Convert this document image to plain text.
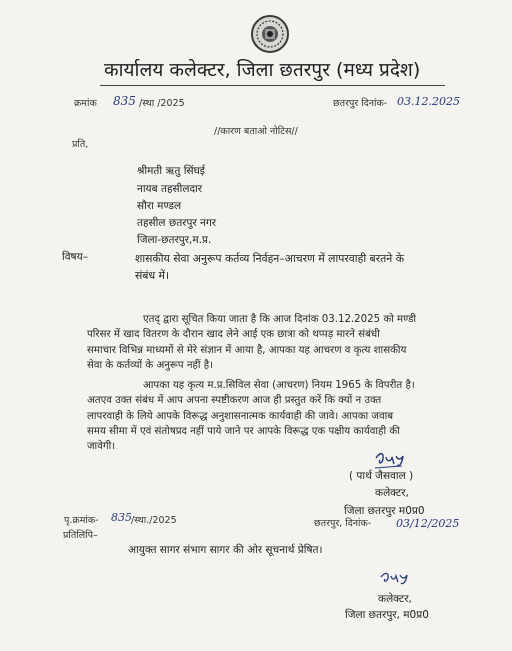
कार्यालय कलेक्टर, जिला छतरपुर (मध्य प्रदेश)
क्रमांक 835 /स्था /2025	छतरपुर दिनांक- 03.12.2025
//कारण बताओ नोटिस//
प्रति,
श्रीमती ऋतु सिंघई
नायब तहसीलदार
सौरा मण्डल
तहसील छतरपुर नगर
जिला-छतरपुर,म.प्र.
विषय–	शासकीय सेवा अनुरूप कर्तव्य निर्वहन–आचरण में लापरवाही बरतने के
संबंध में।
एतद् द्वारा सूचित किया जाता है कि आज दिनांक 03.12.2025 को मण्डी
परिसर में खाद वितरण के दौरान खाद लेने आई एक छात्रा को थप्पड़ मारने संबंधी
समाचार विभिन्न माध्यमों से मेरे संज्ञान में आया है, आपका यह आचरण व कृत्य शासकीय
सेवा के कर्तव्यों के अनुरूप नहीं है।
आपका यह कृत्य म.प्र.सिविल सेवा (आचरण) नियम 1965 के विपरीत है।
अतएव उक्त संबंध में आप अपना स्पष्टीकरण आज ही प्रस्तुत करें कि क्यों न उक्त
लापरवाही के लिये आपके विरूद्ध अनुशासनात्मक कार्यवाही की जावे। आपका जवाब
समय सीमा में एवं संतोषप्रद नहीं पाये जाने पर आपके विरूद्ध एक पक्षीय कार्यवाही की
जावेगी।
( पार्थ जैसवाल )
कलेक्टर,
जिला छतरपुर म0प्र0
पृ.क्रमांक- 835 /स्था./2025	छतरपुर, दिनांक- 03/12/2025
प्रतिलिपि–
आयुक्त सागर संभाग सागर की ओर सूचनार्थ प्रेषित।
कलेक्टर,
जिला छतरपुर, म0प्र0
